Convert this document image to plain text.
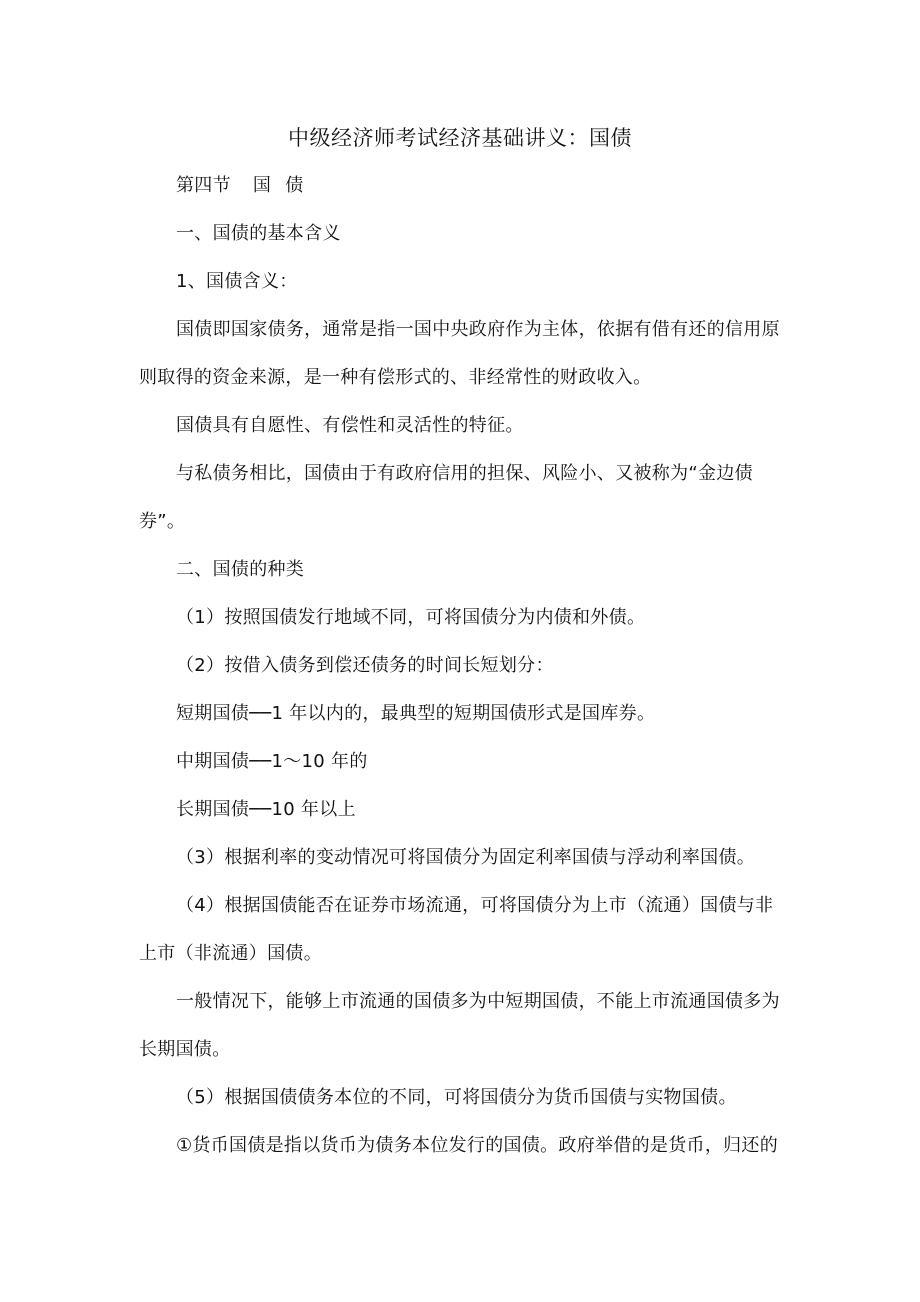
中级经济师考试经济基础讲义：国债
第四节 国 债
一、国债的基本含义
1、国债含义：
国债即国家债务，通常是指一国中央政府作为主体，依据有借有还的信用原
则取得的资金来源，是一种有偿形式的、非经常性的财政收入。
国债具有自愿性、有偿性和灵活性的特征。
与私债务相比，国债由于有政府信用的担保、风险小、又被称为“金边债
券”。
二、国债的种类
（1）按照国债发行地域不同，可将国债分为内债和外债。
（2）按借入债务到偿还债务的时间长短划分：
短期国债──1 年以内的，最典型的短期国债形式是国库券。
中期国债──1～10 年的
长期国债──10 年以上
（3）根据利率的变动情况可将国债分为固定利率国债与浮动利率国债。
（4）根据国债能否在证券市场流通，可将国债分为上市（流通）国债与非
上市（非流通）国债。
一般情况下，能够上市流通的国债多为中短期国债，不能上市流通国债多为
长期国债。
（5）根据国债债务本位的不同，可将国债分为货币国债与实物国债。
①货币国债是指以货币为债务本位发行的国债。政府举借的是货币，归还的
